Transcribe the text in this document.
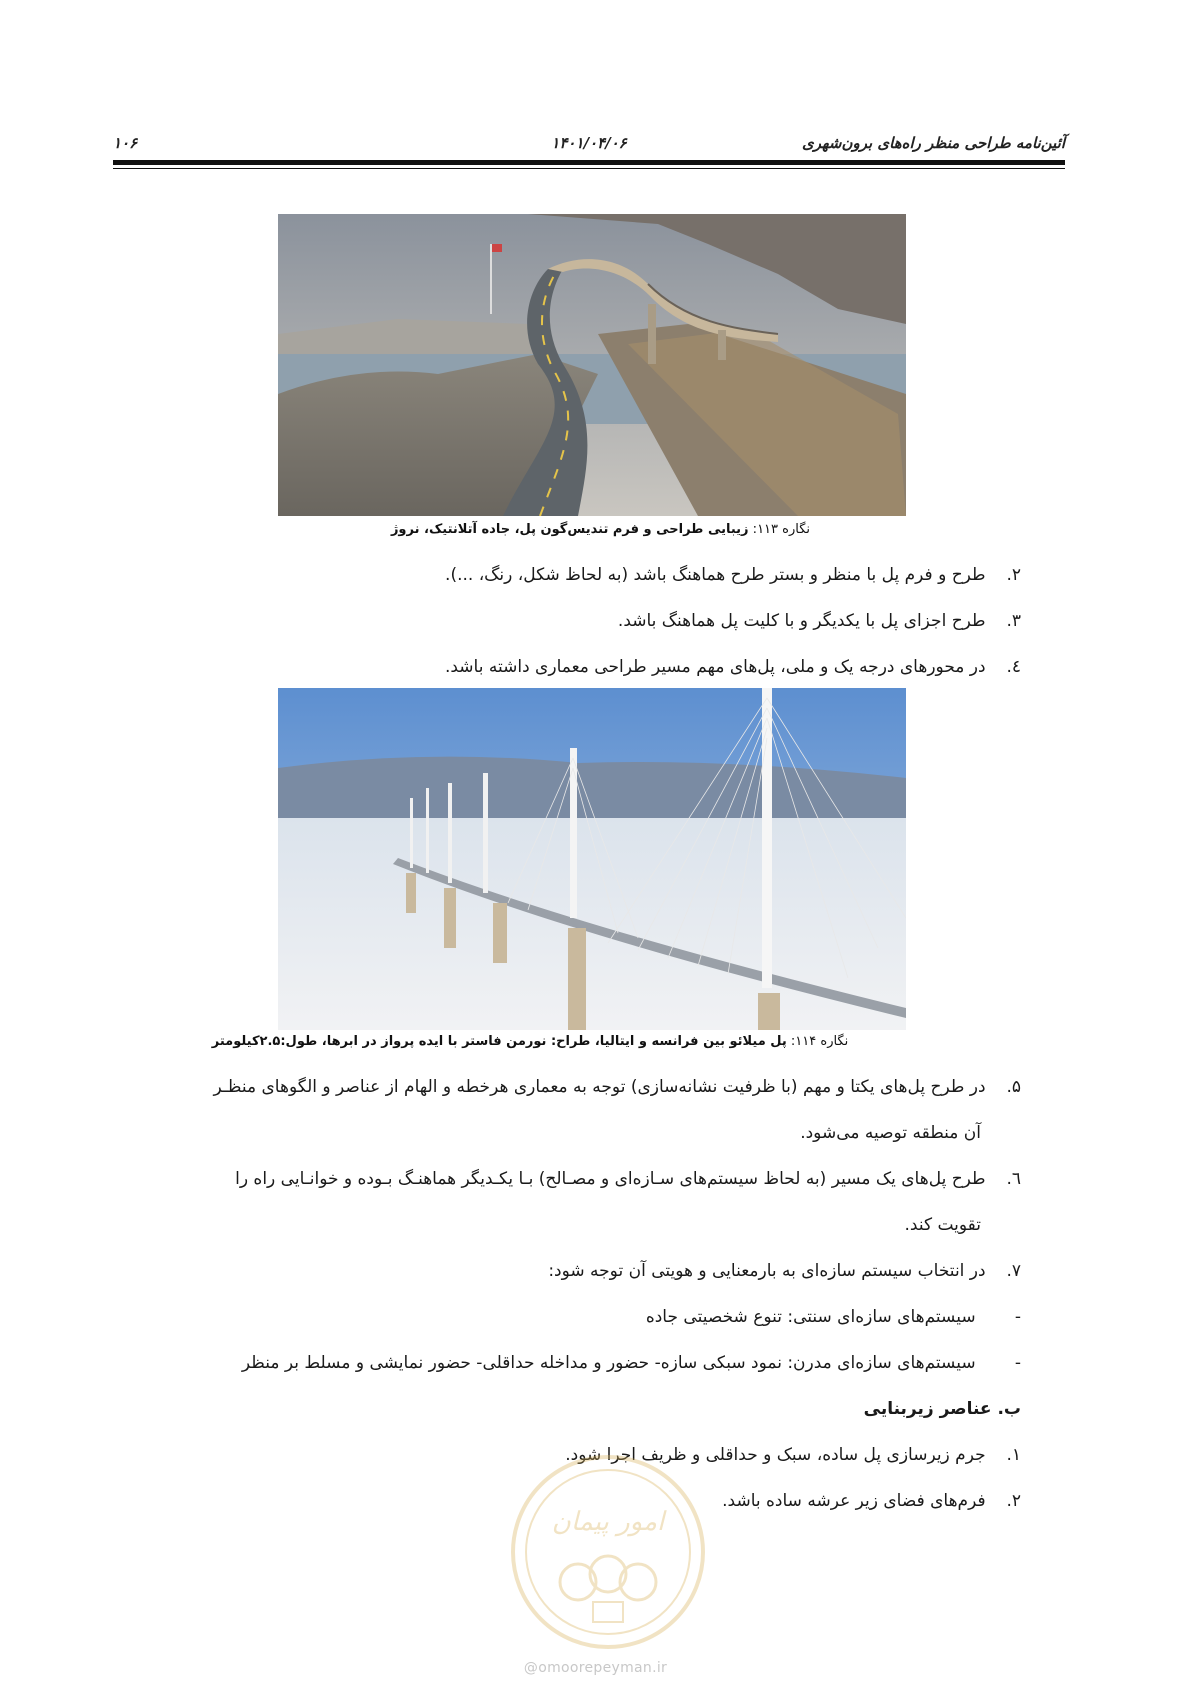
آئین‌نامه طراحی منظر راه‌های برون‌شهری
۱۴۰۱/۰۴/۰۶
۱۰۶
نگاره ۱۱۳: زیبایی طراحی و فرم تندیس‌گون پل، جاده آتلانتیک، نروژ
۲. طرح و فرم پل با منظر و بستر طرح هماهنگ باشد (به لحاظ شکل، رنگ، ...).
۳. طرح اجزای پل با یکدیگر و با کلیت پل هماهنگ باشد.
٤. در محورهای درجه یک و ملی، پل‌های مهم مسیر طراحی معماری داشته باشد.
نگاره ۱۱۴: پل میلائو بین فرانسه و ایتالیا، طراح: نورمن فاستر با ایده پرواز در ابرها، طول:۲.۵کیلومتر
۵. در طرح پل‌های یکتا و مهم (با ظرفیت نشانه‌سازی) توجه به معماری هرخطه و الهام از عناصر و الگوهای منظـر
آن منطقه توصیه می‌شود.
٦. طرح پل‌های یک مسیر (به لحاظ سیستم‌های سـازه‌ای و مصـالح) بـا یکـدیگر هماهنـگ بـوده و خوانـایی راه را
تقویت کند.
۷. در انتخاب سیستم سازه‌ای به بارمعنایی و هویتی آن توجه شود:
- سیستم‌های سازه‌ای سنتی: تنوع شخصیتی جاده
- سیستم‌های سازه‌ای مدرن: نمود سبکی سازه- حضور و مداخله حداقلی- حضور نمایشی و مسلط بر منظر
ب. عناصر زیربنایی
۱. جرم زیرسازی پل ساده، سبک و حداقلی و ظریف اجرا شود.
۲. فرم‌های فضای زیر عرشه ساده باشد.
امور پیمان
@omoorepeyman.ir
